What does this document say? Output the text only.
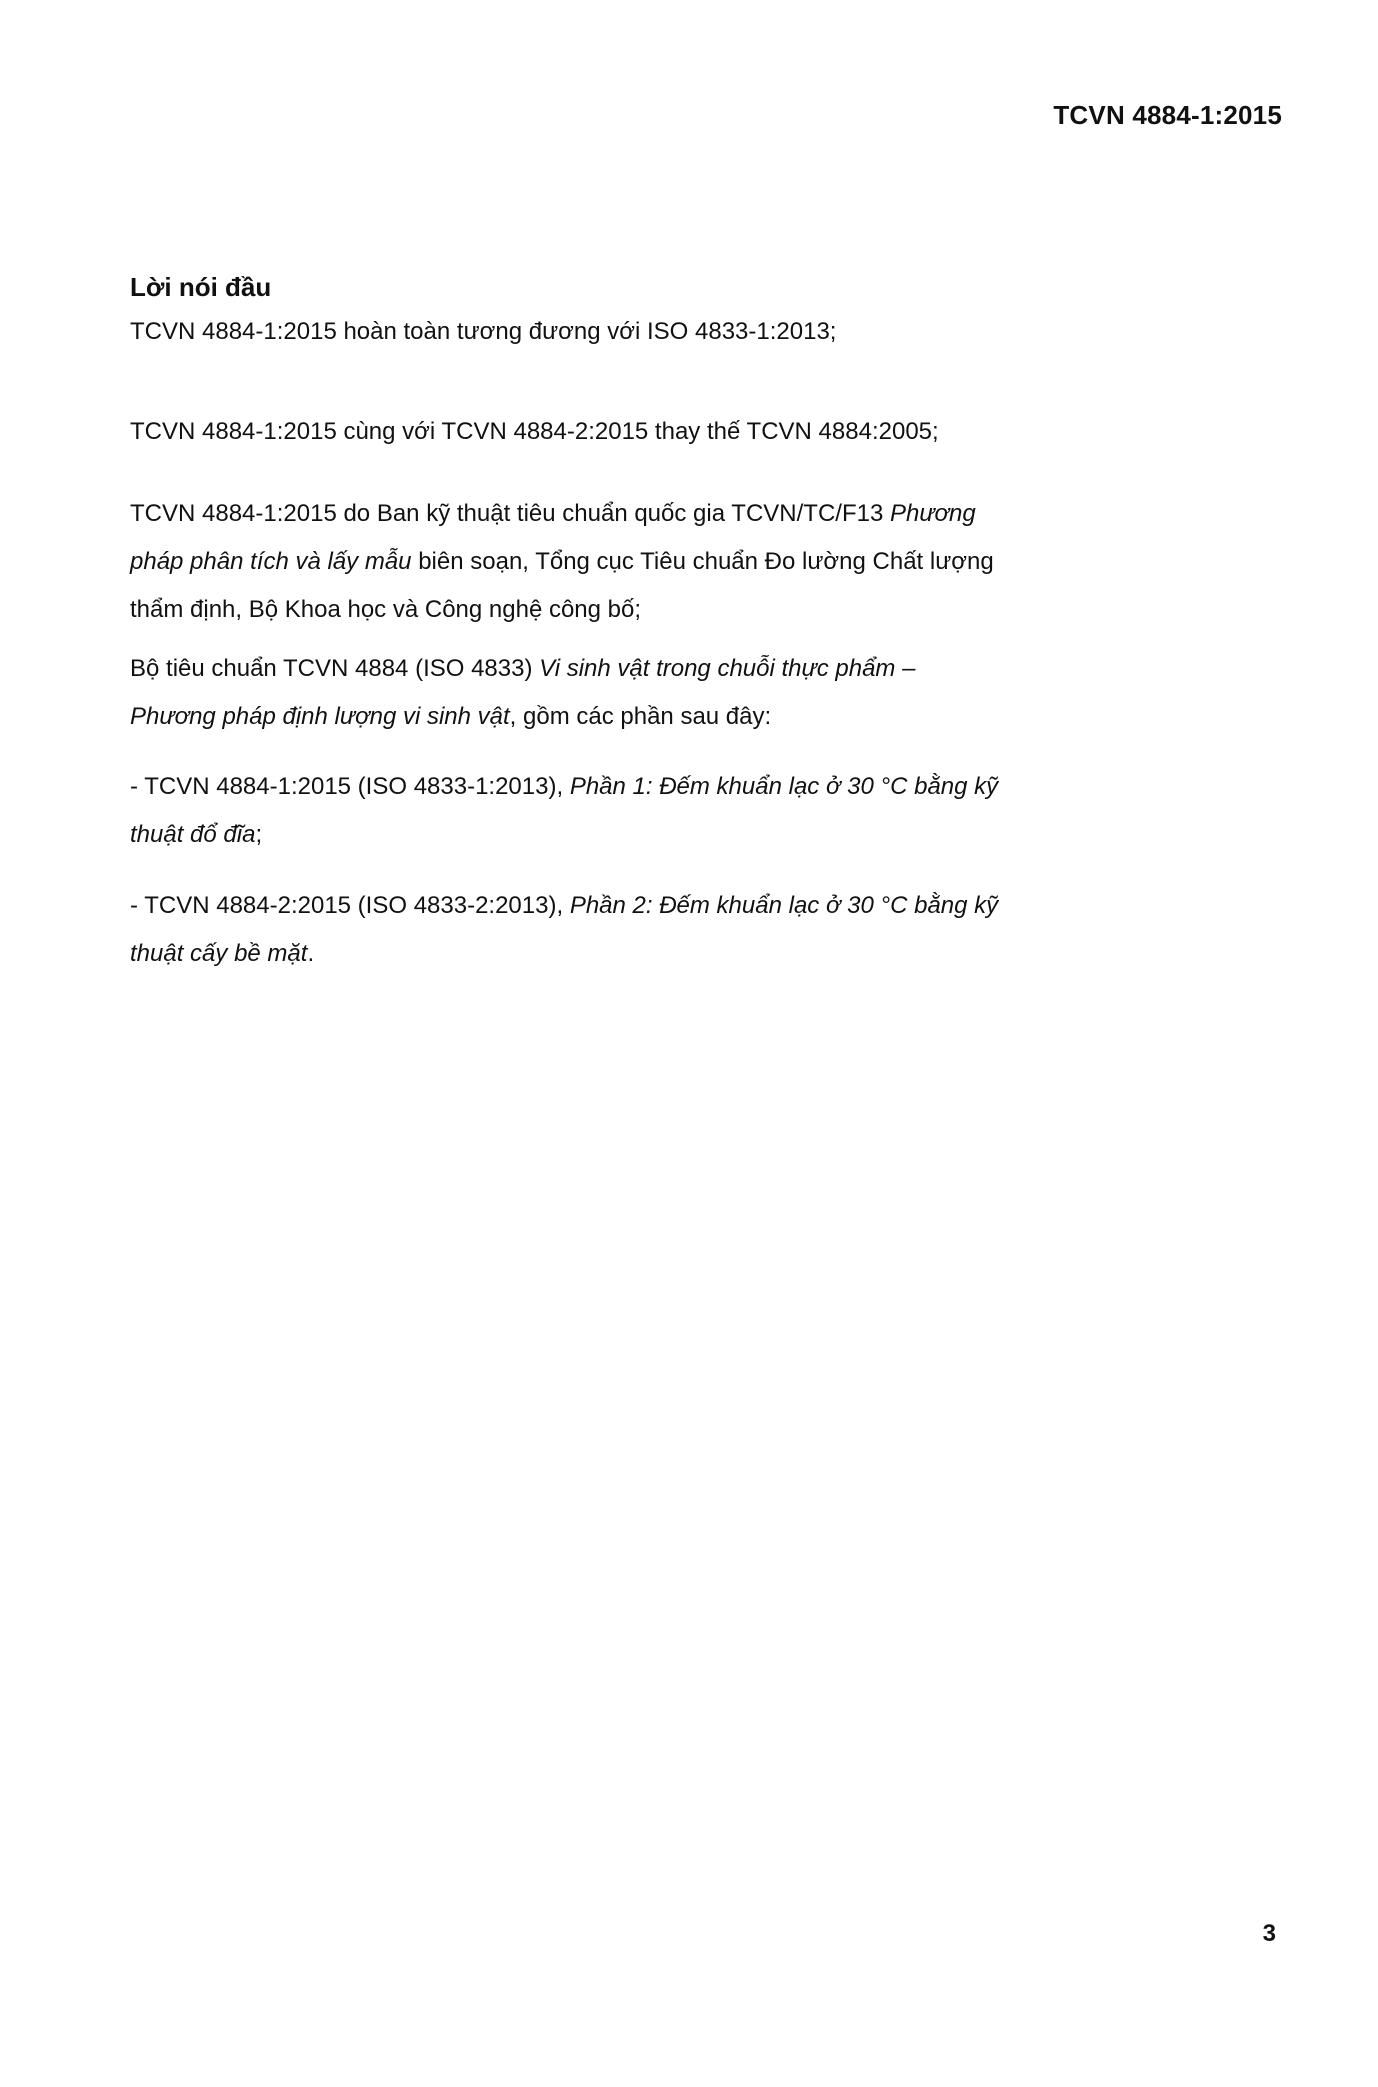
TCVN 4884-1:2015
Lời nói đầu

TCVN 4884-1:2015 hoàn toàn tương đương với ISO 4833-1:2013;

TCVN 4884-1:2015 cùng với TCVN 4884-2:2015 thay thế TCVN 4884:2005;

TCVN 4884-1:2015 do Ban kỹ thuật tiêu chuẩn quốc gia TCVN/TC/F13 Phương pháp phân tích và lấy mẫu biên soạn, Tổng cục Tiêu chuẩn Đo lường Chất lượng thẩm định, Bộ Khoa học và Công nghệ công bố;

Bộ tiêu chuẩn TCVN 4884 (ISO 4833) Vi sinh vật trong chuỗi thực phẩm – Phương pháp định lượng vi sinh vật, gồm các phần sau đây:

- TCVN 4884-1:2015 (ISO 4833-1:2013), Phần 1: Đếm khuẩn lạc ở 30 °C bằng kỹ thuật đổ đĩa;

- TCVN 4884-2:2015 (ISO 4833-2:2013), Phần 2: Đếm khuẩn lạc ở 30 °C bằng kỹ thuật cấy bề mặt.

3
